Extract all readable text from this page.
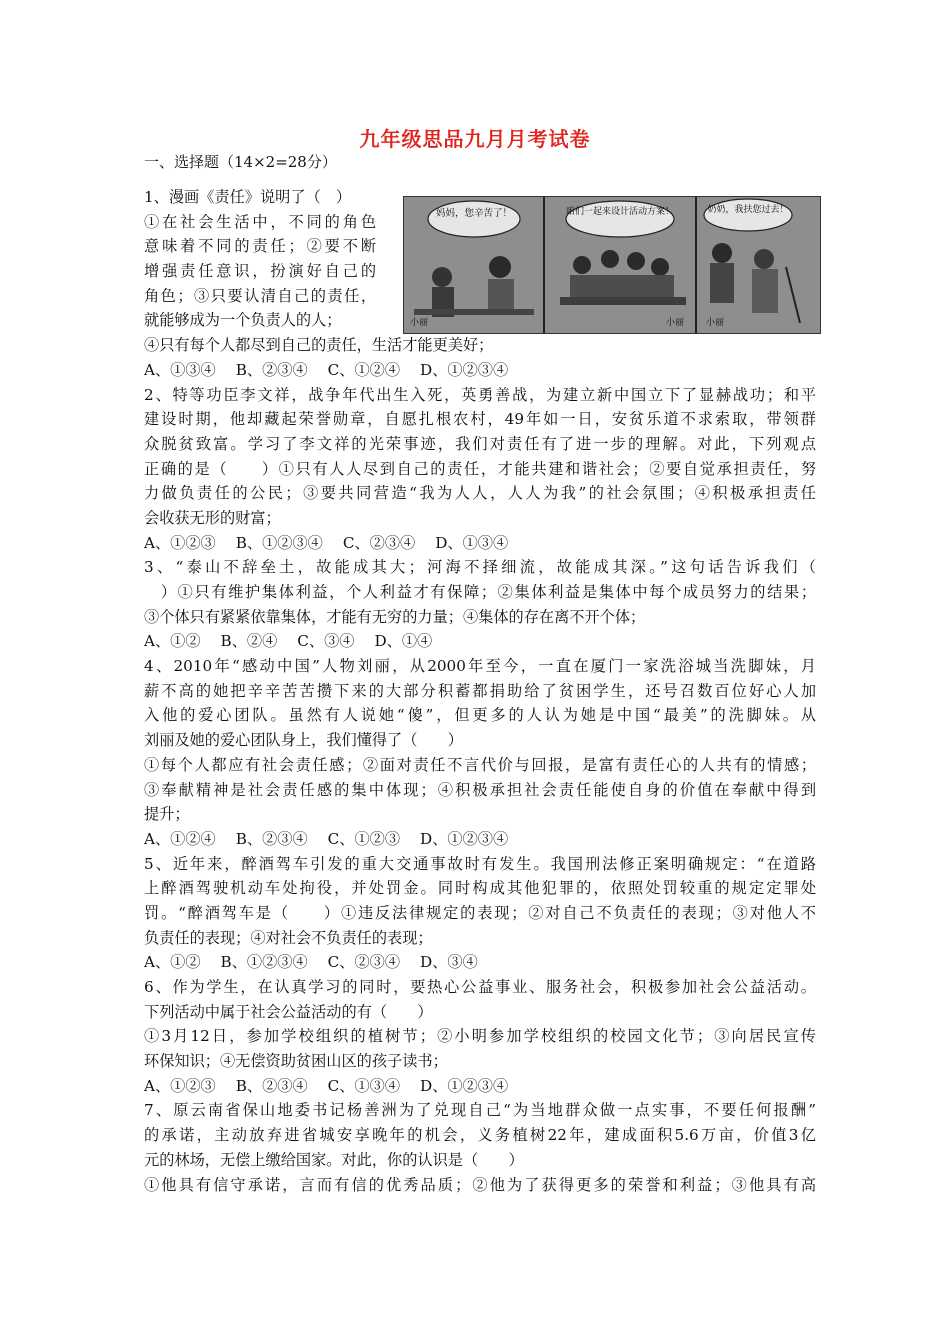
九年级思品九月月考试卷
一、选择题（14×2=28分）
妈妈，您辛苦了！
小丽
咱们一起来设计活动方案！
小丽
奶奶，我扶您过去！
小丽
1、漫画《责任》说明了（　）
①在社会生活中，不同的角色
意味着不同的责任；②要不断
增强责任意识，扮演好自己的
角色；③只要认清自己的责任，
就能够成为一个负责人的人；
④只有每个人都尽到自己的责任，生活才能更美好；
A、①③④　 B、②③④　 C、①②④　 D、①②③④
2、特等功臣李文祥，战争年代出生入死，英勇善战，为建立新中国立下了显赫战功；和平
建设时期，他却藏起荣誉勋章，自愿扎根农村，49年如一日，安贫乐道不求索取，带领群
众脱贫致富。学习了李文祥的光荣事迹，我们对责任有了进一步的理解。对此，下列观点
正确的是（　　）①只有人人尽到自己的责任，才能共建和谐社会；②要自觉承担责任，努
力做负责任的公民；③要共同营造“我为人人，人人为我”的社会氛围；④积极承担责任
会收获无形的财富；
A、①②③　 B、①②③④　 C、②③④　 D、①③④
3、“泰山不辞垒土，故能成其大；河海不择细流，故能成其深。”这句话告诉我们（
　）①只有维护集体利益，个人利益才有保障；②集体利益是集体中每个成员努力的结果；
③个体只有紧紧依靠集体，才能有无穷的力量；④集体的存在离不开个体；
A、①②　 B、②④　 C、③④　 D、①④
4、2010年“感动中国”人物刘丽，从2000年至今，一直在厦门一家洗浴城当洗脚妹，月
薪不高的她把辛辛苦苦攒下来的大部分积蓄都捐助给了贫困学生，还号召数百位好心人加
入他的爱心团队。虽然有人说她“傻”，但更多的人认为她是中国“最美”的洗脚妹。从
刘丽及她的爱心团队身上，我们懂得了（　　）
①每个人都应有社会责任感；②面对责任不言代价与回报，是富有责任心的人共有的情感；
③奉献精神是社会责任感的集中体现；④积极承担社会责任能使自身的价值在奉献中得到
提升；
A、①②④　 B、②③④　 C、①②③　 D、①②③④
5、近年来，醉酒驾车引发的重大交通事故时有发生。我国刑法修正案明确规定：“在道路
上醉酒驾驶机动车处拘役，并处罚金。同时构成其他犯罪的，依照处罚较重的规定定罪处
罚。“醉酒驾车是（　　）①违反法律规定的表现；②对自己不负责任的表现；③对他人不
负责任的表现；④对社会不负责任的表现；
A、①②　 B、①②③④　 C、②③④　 D、③④
6、作为学生，在认真学习的同时，要热心公益事业、服务社会，积极参加社会公益活动。
下列活动中属于社会公益活动的有（　　）
①3月12日，参加学校组织的植树节；②小明参加学校组织的校园文化节；③向居民宣传
环保知识；④无偿资助贫困山区的孩子读书；
A、①②③　 B、②③④　 C、①③④　 D、①②③④
7、原云南省保山地委书记杨善洲为了兑现自己“为当地群众做一点实事，不要任何报酬”
的承诺，主动放弃进省城安享晚年的机会，义务植树22年，建成面积5.6万亩，价值3亿
元的林场，无偿上缴给国家。对此，你的认识是（　　）
①他具有信守承诺，言而有信的优秀品质；②他为了获得更多的荣誉和利益；③他具有高
